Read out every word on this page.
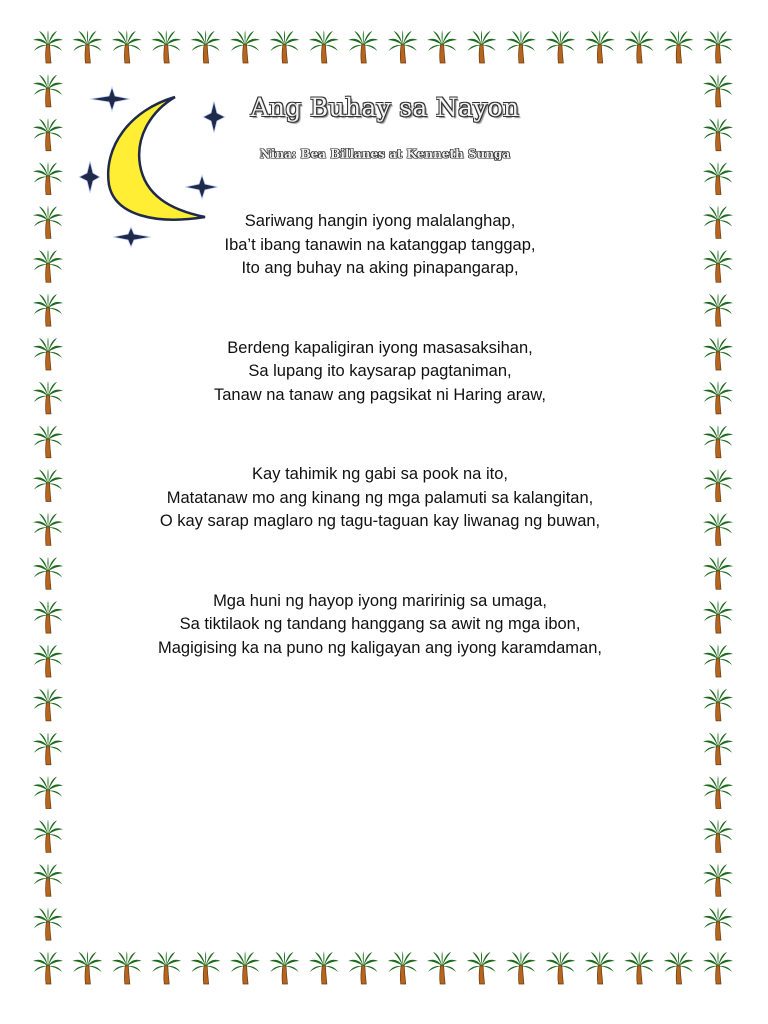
Ang Buhay sa Nayon
Nina: Bea Billanes at Kenneth Sunga
Sariwang hangin iyong malalanghap,
Iba’t ibang tanawin na katanggap tanggap,
Ito ang buhay na aking pinapangarap,
Berdeng kapaligiran iyong masasaksihan,
Sa lupang ito kaysarap pagtaniman,
Tanaw na tanaw ang pagsikat ni Haring araw,
Kay tahimik ng gabi sa pook na ito,
Matatanaw mo ang kinang ng mga palamuti sa kalangitan,
O kay sarap maglaro ng tagu-taguan kay liwanag ng buwan,
Mga huni ng hayop iyong maririnig sa umaga,
Sa tiktilaok ng tandang hanggang sa awit ng mga ibon,
Magigising ka na puno ng kaligayan ang iyong karamdaman,
